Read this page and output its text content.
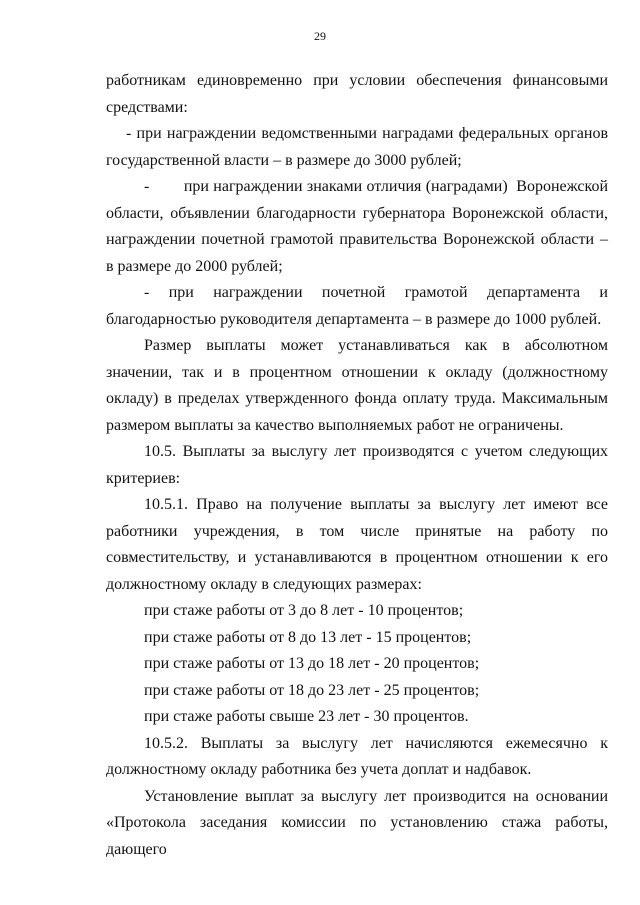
29

работникам единовременно при условии обеспечения финансовыми средствами:

- при награждении ведомственными наградами федеральных органов государственной власти – в размере до 3000 рублей;

-        при награждении знаками отличия (наградами)  Воронежской области, объявлении благодарности губернатора Воронежской области, награждении почетной грамотой правительства Воронежской области – в размере до 2000 рублей;

- при награждении почетной грамотой департамента и благодарностью руководителя департамента – в размере до 1000 рублей.

Размер выплаты может устанавливаться как в абсолютном значении, так и в процентном отношении к окладу (должностному окладу) в пределах утвержденного фонда оплату труда. Максимальным размером выплаты за качество выполняемых работ не ограничены.

10.5. Выплаты за выслугу лет производятся с учетом следующих критериев:

10.5.1. Право на получение выплаты за выслугу лет имеют все работники учреждения, в том числе принятые на работу по совместительству, и устанавливаются в процентном отношении к его должностному окладу в следующих размерах:

при стаже работы от 3 до 8 лет - 10 процентов;

при стаже работы от 8 до 13 лет - 15 процентов;

при стаже работы от 13 до 18 лет - 20 процентов;

при стаже работы от 18 до 23 лет - 25 процентов;

при стаже работы свыше 23 лет - 30 процентов.

10.5.2. Выплаты за выслугу лет начисляются ежемесячно к должностному окладу работника без учета доплат и надбавок.

Установление выплат за выслугу лет производится на основании «Протокола заседания комиссии по установлению стажа работы, дающего
